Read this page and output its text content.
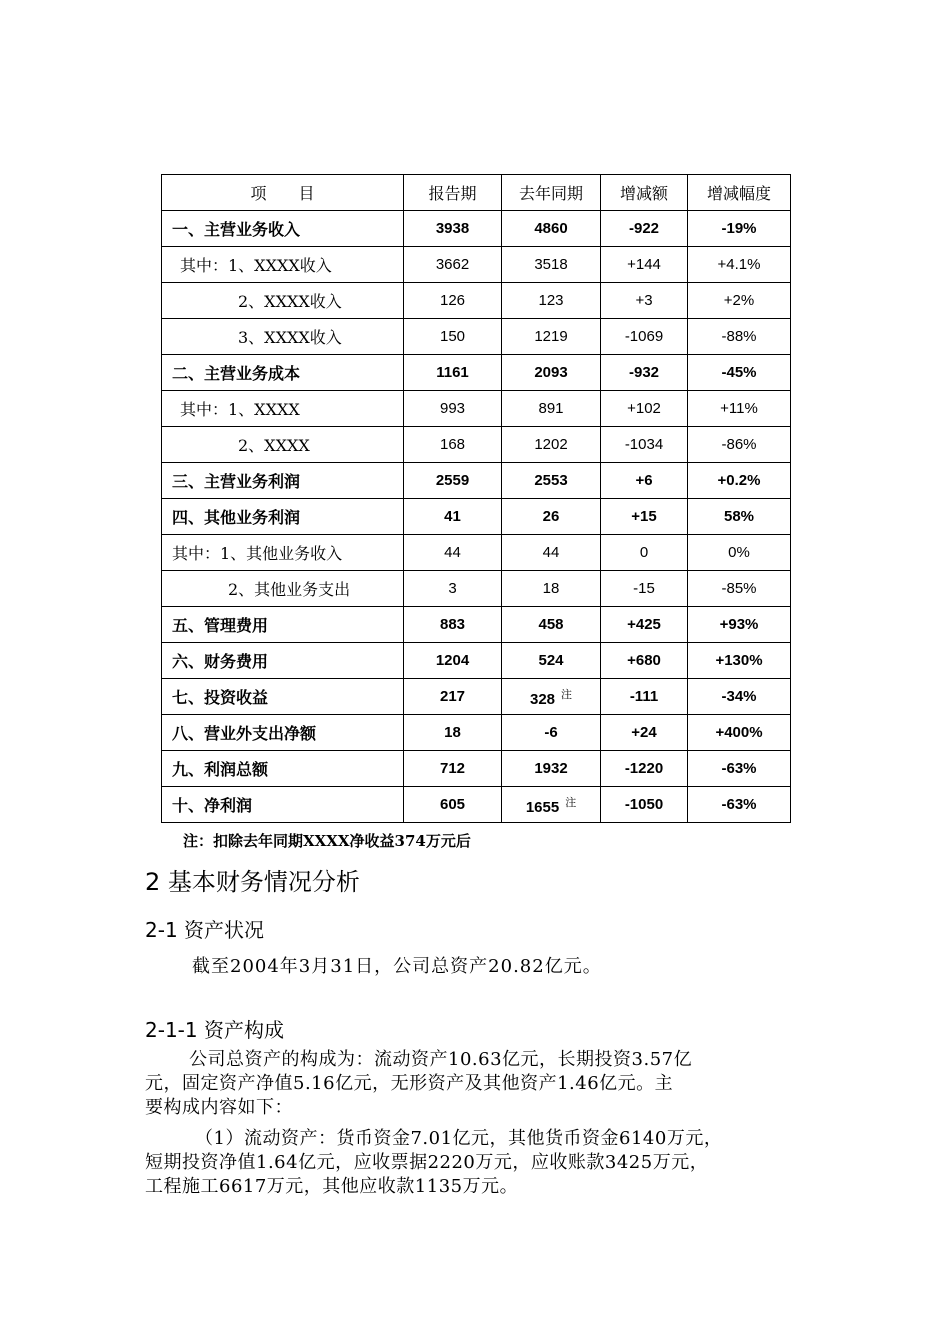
项　　目	报告期	去年同期	增减额	增减幅度
一、主营业务收入	3938	4860	-922	-19%
其中：1、XXXX收入	3662	3518	+144	+4.1%
2、XXXX收入	126	123	+3	+2%
3、XXXX收入	150	1219	-1069	-88%
二、主营业务成本	1161	2093	-932	-45%
其中：1、XXXX	993	891	+102	+11%
2、XXXX	168	1202	-1034	-86%
三、主营业务利润	2559	2553	+6	+0.2%
四、其他业务利润	41	26	+15	58%
其中：1、其他业务收入	44	44	0	0%
2、其他业务支出	3	18	-15	-85%
五、管理费用	883	458	+425	+93%
六、财务费用	1204	524	+680	+130%
七、投资收益	217	328 $^注$	-111	-34%
八、营业外支出净额	18	-6	+24	+400%
九、利润总额	712	1932	-1220	-63%
十、净利润	605	1655 $^注$	-1050	-63%
注：扣除去年同期XXXX净收益374万元后
2 基本财务情况分析
2-1 资产状况
截至2004年3月31日，公司总资产20.82亿元。
2-1-1 资产构成
公司总资产的构成为：流动资产10.63亿元，长期投资3.57亿
元，固定资产净值5.16亿元，无形资产及其他资产1.46亿元。主
要构成内容如下：
（1）流动资产：货币资金7.01亿元，其他货币资金6140万元，
短期投资净值1.64亿元，应收票据2220万元，应收账款3425万元，
工程施工6617万元，其他应收款1135万元。
